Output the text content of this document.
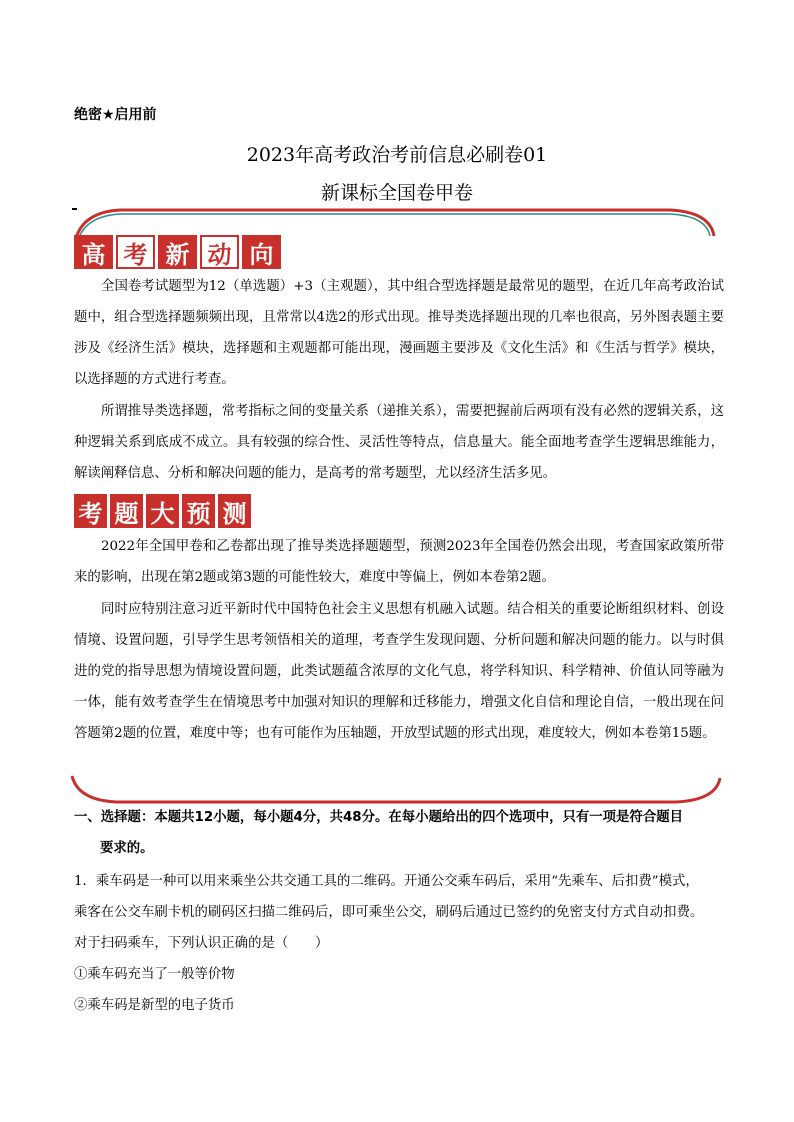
绝密★启用前
2023年高考政治考前信息必刷卷01
新课标全国卷甲卷
高 考 新 动 向

全国卷考试题型为12（单选题）+3（主观题），其中组合型选择题是最常见的题型，在近几年高考政治试题中，组合型选择题频频出现，且常常以4选2的形式出现。推导类选择题出现的几率也很高，另外图表题主要涉及《经济生活》模块，选择题和主观题都可能出现，漫画题主要涉及《文化生活》和《生活与哲学》模块，以选择题的方式进行考查。

所谓推导类选择题，常考指标之间的变量关系（递推关系），需要把握前后两项有没有必然的逻辑关系，这种逻辑关系到底成不成立。具有较强的综合性、灵活性等特点，信息量大。能全面地考查学生逻辑思维能力，解读阐释信息、分析和解决问题的能力，是高考的常考题型，尤以经济生活多见。

考 题 大 预 测

2022年全国甲卷和乙卷都出现了推导类选择题题型，预测2023年全国卷仍然会出现，考查国家政策所带来的影响，出现在第2题或第3题的可能性较大，难度中等偏上，例如本卷第2题。

同时应特别注意习近平新时代中国特色社会主义思想有机融入试题。结合相关的重要论断组织材料、创设情境、设置问题，引导学生思考领悟相关的道理，考查学生发现问题、分析问题和解决问题的能力。以与时俱进的党的指导思想为情境设置问题，此类试题蕴含浓厚的文化气息，将学科知识、科学精神、价值认同等融为一体，能有效考查学生在情境思考中加强对知识的理解和迁移能力，增强文化自信和理论自信，一般出现在问答题第2题的位置，难度中等；也有可能作为压轴题，开放型试题的形式出现，难度较大，例如本卷第15题。

一、选择题：本题共12小题，每小题4分，共48分。在每小题给出的四个选项中，只有一项是符合题目
要求的。
1．乘车码是一种可以用来乘坐公共交通工具的二维码。开通公交乘车码后，采用“先乘车、后扣费”模式，
乘客在公交车刷卡机的刷码区扫描二维码后，即可乘坐公交，刷码后通过已签约的免密支付方式自动扣费。
对于扫码乘车，下列认识正确的是（　　）
①乘车码充当了一般等价物
②乘车码是新型的电子货币
